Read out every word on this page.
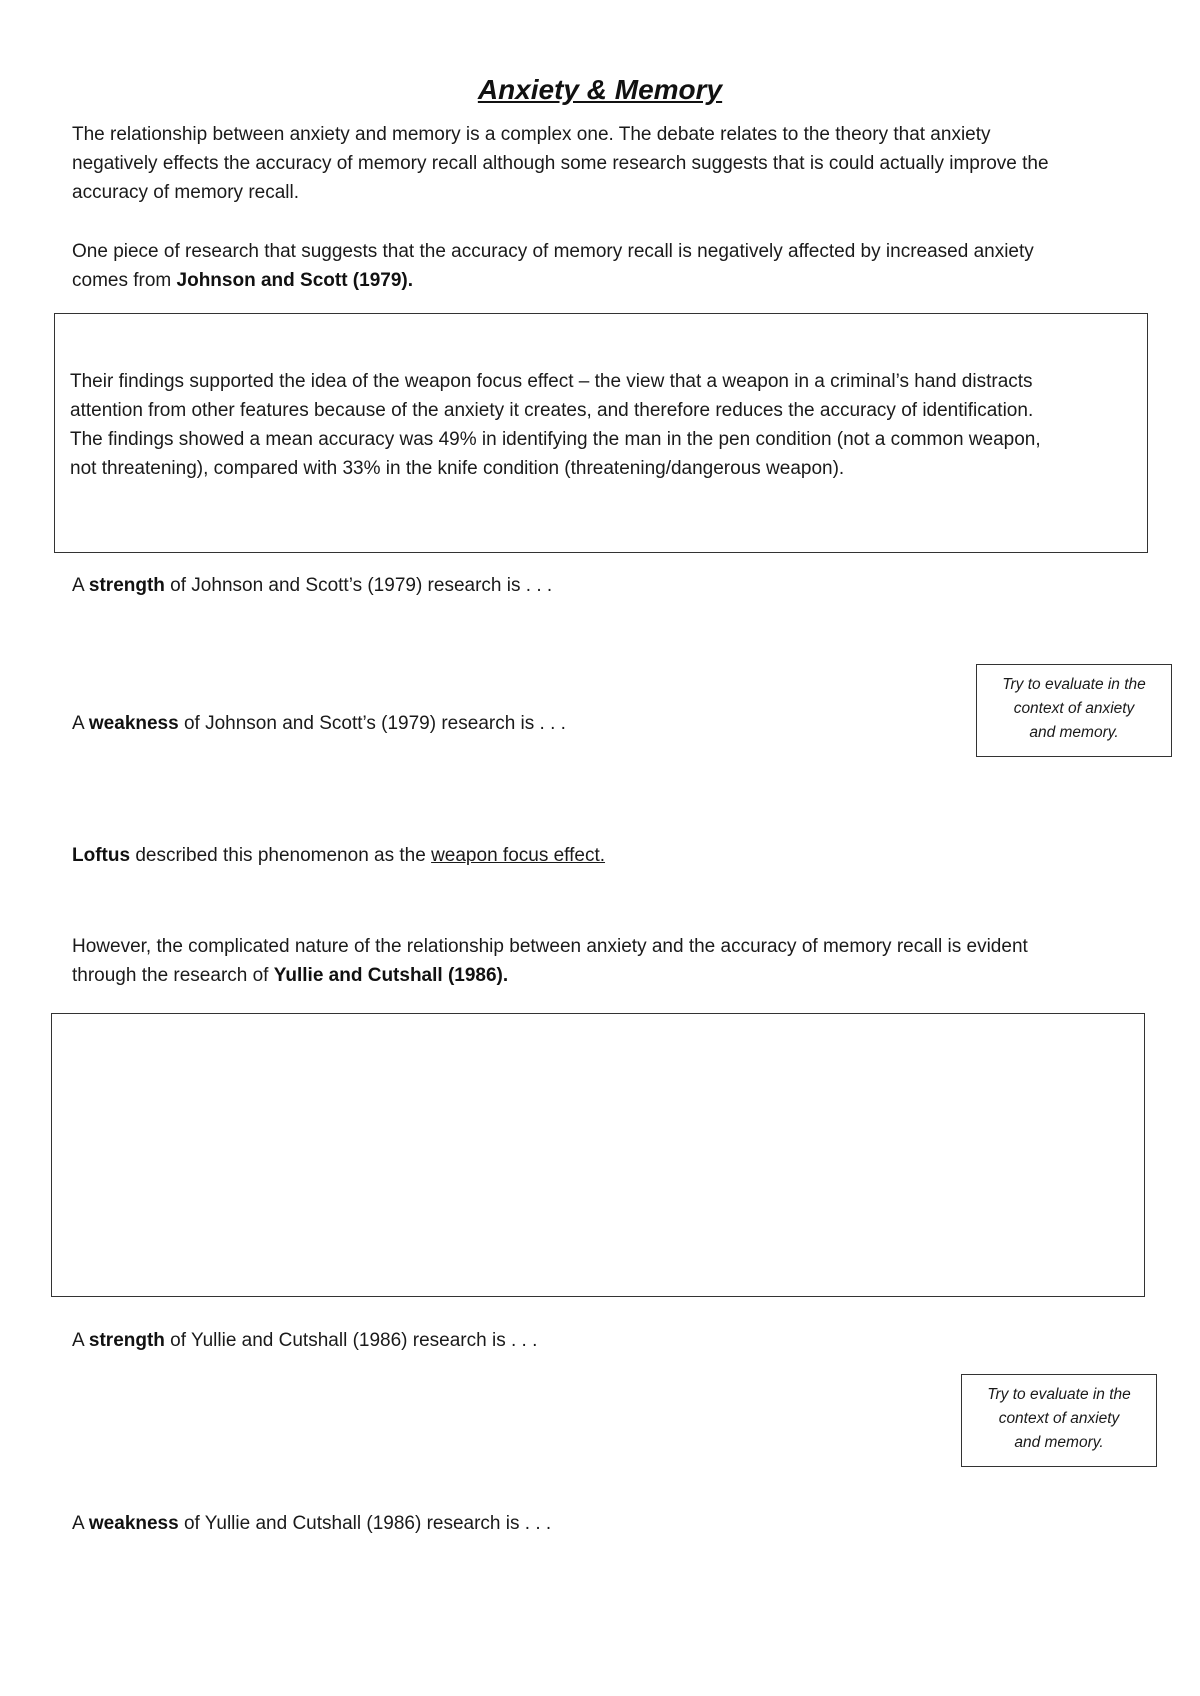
Anxiety & Memory
The relationship between anxiety and memory is a complex one. The debate relates to the theory that anxiety
negatively effects the accuracy of memory recall although some research suggests that is could actually improve the
accuracy of memory recall.
One piece of research that suggests that the accuracy of memory recall is negatively affected by increased anxiety
comes from Johnson and Scott (1979).
Their findings supported the idea of the weapon focus effect – the view that a weapon in a criminal’s hand distracts
attention from other features because of the anxiety it creates, and therefore reduces the accuracy of identification.
The findings showed a mean accuracy was 49% in identifying the man in the pen condition (not a common weapon,
not threatening), compared with 33% in the knife condition (threatening/dangerous weapon).
A strength of Johnson and Scott’s (1979) research is . . .
Try to evaluate in the
context of anxiety
and memory.
A weakness of Johnson and Scott’s (1979) research is . . .
Loftus described this phenomenon as the weapon focus effect.
However, the complicated nature of the relationship between anxiety and the accuracy of memory recall is evident
through the research of Yullie and Cutshall (1986).
A strength of Yullie and Cutshall (1986) research is . . .
Try to evaluate in the
context of anxiety
and memory.
A weakness of Yullie and Cutshall (1986) research is . . .
